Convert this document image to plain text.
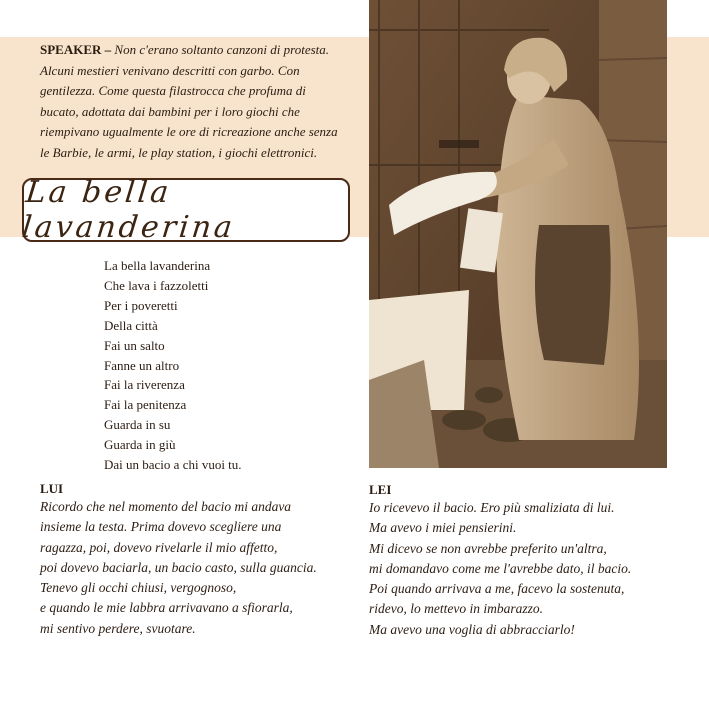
SPEAKER – Non c'erano soltanto canzoni di protesta. Alcuni mestieri venivano descritti con garbo. Con gentilezza. Come questa filastrocca che profuma di bucato, adottata dai bambini per i loro giochi che riempivano ugualmente le ore di ricreazione anche senza le Barbie, le armi, le play station, i giochi elettronici.
La bella lavanderina
La bella lavanderina
Che lava i fazzoletti
Per i poveretti
Della città
Fai un salto
Fanne un altro
Fai la riverenza
Fai la penitenza
Guarda in su
Guarda in giù
Dai un bacio a chi vuoi tu.
LUI
Ricordo che nel momento del bacio mi andava
insieme la testa. Prima dovevo scegliere una
ragazza, poi, dovevo rivelarle il mio affetto,
poi dovevo baciarla, un bacio casto, sulla guancia.
Tenevo gli occhi chiusi, vergognoso,
e quando le mie labbra arrivavano a sfiorarla,
mi sentivo perdere, svuotare.
LEI
Io ricevevo il bacio. Ero più smaliziata di lui.
Ma avevo i miei pensierini.
Mi dicevo se non avrebbe preferito un'altra,
mi domandavo come me l'avrebbe dato, il bacio.
Poi quando arrivava a me, facevo la sostenuta,
ridevo, lo mettevo in imbarazzo.
Ma avevo una voglia di abbracciarlo!
